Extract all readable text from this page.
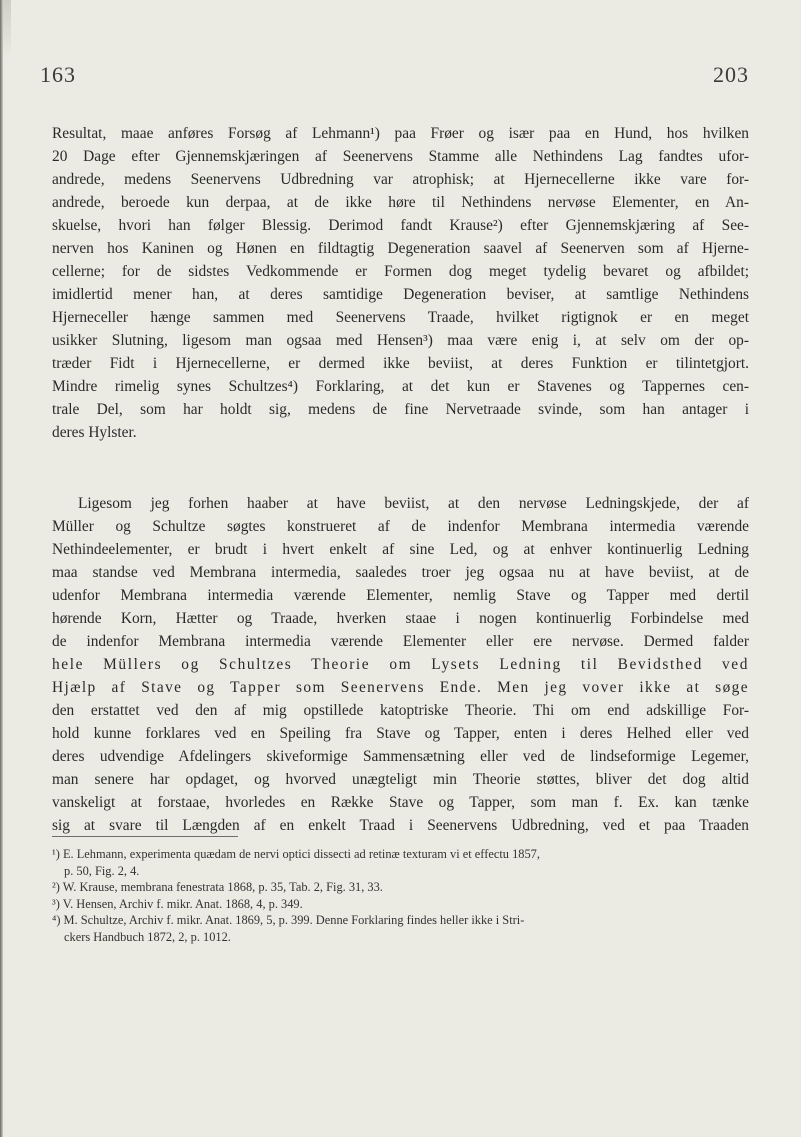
163	203
Resultat, maae anføres Forsøg af Lehmann¹) paa Frøer og især paa en Hund, hos hvilken
20 Dage efter Gjennemskjæringen af Seenervens Stamme alle Nethindens Lag fandtes ufor-
andrede, medens Seenervens Udbredning var atrophisk; at Hjernecellerne ikke vare for-
andrede, beroede kun derpaa, at de ikke høre til Nethindens nervøse Elementer, en An-
skuelse, hvori han følger Blessig. Derimod fandt Krause²) efter Gjennemskjæring af See-
nerven hos Kaninen og Hønen en fildtagtig Degeneration saavel af Seenerven som af Hjerne-
cellerne; for de sidstes Vedkommende er Formen dog meget tydelig bevaret og afbildet;
imidlertid mener han, at deres samtidige Degeneration beviser, at samtlige Nethindens
Hjerneceller hænge sammen med Seenervens Traade, hvilket rigtignok er en meget
usikker Slutning, ligesom man ogsaa med Hensen³) maa være enig i, at selv om der op-
træder Fidt i Hjernecellerne, er dermed ikke beviist, at deres Funktion er tilintetgjort.
Mindre rimelig synes Schultzes⁴) Forklaring, at det kun er Stavenes og Tappernes cen-
trale Del, som har holdt sig, medens de fine Nervetraade svinde, som han antager i
deres Hylster.
Ligesom jeg forhen haaber at have beviist, at den nervøse Ledningskjede, der af
Müller og Schultze søgtes konstrueret af de indenfor Membrana intermedia værende
Nethindeelementer, er brudt i hvert enkelt af sine Led, og at enhver kontinuerlig Ledning
maa standse ved Membrana intermedia, saaledes troer jeg ogsaa nu at have beviist, at de
udenfor Membrana intermedia værende Elementer, nemlig Stave og Tapper med dertil
hørende Korn, Hætter og Traade, hverken staae i nogen kontinuerlig Forbindelse med
de indenfor Membrana intermedia værende Elementer eller ere nervøse. Dermed falder
hele Müllers og Schultzes Theorie om Lysets Ledning til Bevidsthed ved
Hjælp af Stave og Tapper som Seenervens Ende. Men jeg vover ikke at søge
den erstattet ved den af mig opstillede katoptriske Theorie. Thi om end adskillige For-
hold kunne forklares ved en Speiling fra Stave og Tapper, enten i deres Helhed eller ved
deres udvendige Afdelingers skiveformige Sammensætning eller ved de lindseformige Legemer,
man senere har opdaget, og hvorved unægteligt min Theorie støttes, bliver det dog altid
vanskeligt at forstaae, hvorledes en Række Stave og Tapper, som man f. Ex. kan tænke
sig at svare til Længden af en enkelt Traad i Seenervens Udbredning, ved et paa Traaden
¹) E. Lehmann, experimenta quædam de nervi optici dissecti ad retinæ texturam vi et effectu 1857,
p. 50, Fig. 2, 4.
²) W. Krause, membrana fenestrata 1868, p. 35, Tab. 2, Fig. 31, 33.
³) V. Hensen, Archiv f. mikr. Anat. 1868, 4, p. 349.
⁴) M. Schultze, Archiv f. mikr. Anat. 1869, 5, p. 399. Denne Forklaring findes heller ikke i Stri-
ckers Handbuch 1872, 2, p. 1012.
